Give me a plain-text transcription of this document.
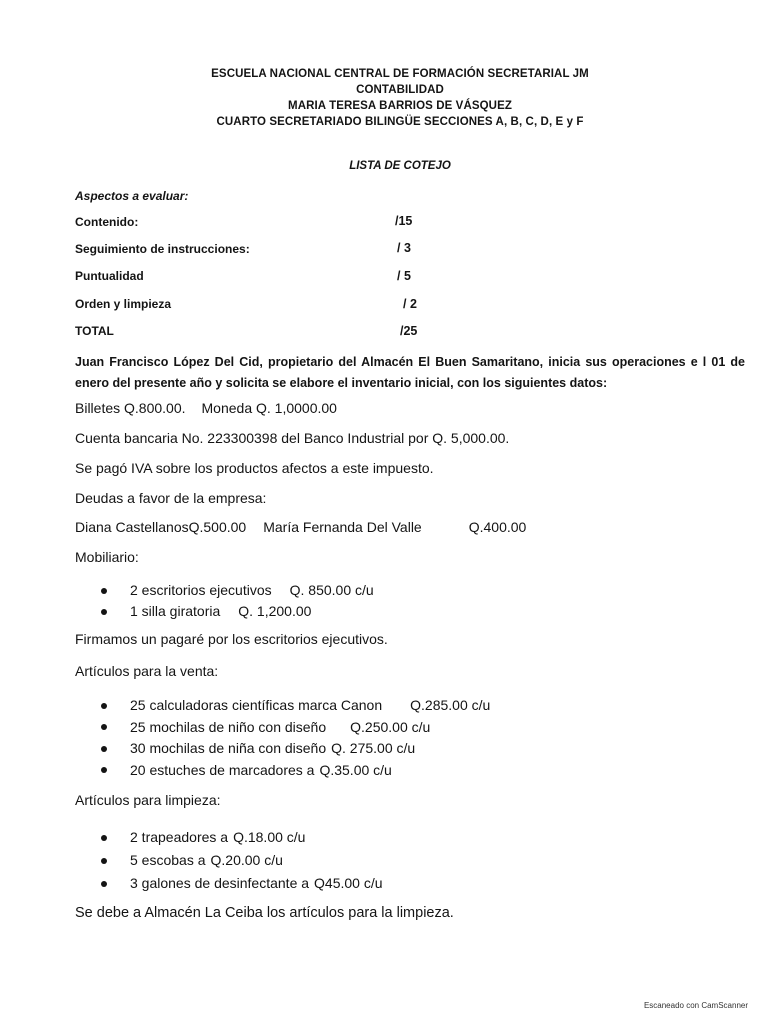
ESCUELA NACIONAL CENTRAL DE FORMACIÓN SECRETARIAL JM
CONTABILIDAD
MARIA TERESA BARRIOS DE VÁSQUEZ
CUARTO SECRETARIADO BILINGÜE SECCIONES A, B, C, D, E y F
LISTA DE COTEJO
Aspectos a evaluar:
Contenido:	/15
Seguimiento de instrucciones:	/ 3
Puntualidad	/ 5
Orden y limpieza	/ 2
TOTAL	/25
Juan Francisco López Del Cid, propietario del Almacén El Buen Samaritano, inicia sus operaciones e l 01 de enero del presente año y solicita se elabore el inventario inicial, con los siguientes datos:
Billetes Q.800.00. Moneda Q. 1,0000.00
Cuenta bancaria No. 223300398 del Banco Industrial por Q. 5,000.00.
Se pagó IVA sobre los productos afectos a este impuesto.
Deudas a favor de la empresa:
Diana CastellanosQ.500.00 María Fernanda Del Valle	Q.400.00
Mobiliario:
2 escritorios ejecutivos Q. 850.00 c/u
1 silla giratoria Q. 1,200.00
Firmamos un pagaré por los escritorios ejecutivos.
Artículos para la venta:
25 calculadoras científicas marca Canon Q.285.00 c/u
25 mochilas de niño con diseño Q.250.00 c/u
30 mochilas de niña con diseño Q. 275.00 c/u
20 estuches de marcadores a Q.35.00 c/u
Artículos para limpieza:
2 trapeadores a Q.18.00 c/u
5 escobas a Q.20.00 c/u
3 galones de desinfectante a Q45.00 c/u
Se debe a Almacén La Ceiba los artículos para la limpieza.
Escaneado con CamScanner
